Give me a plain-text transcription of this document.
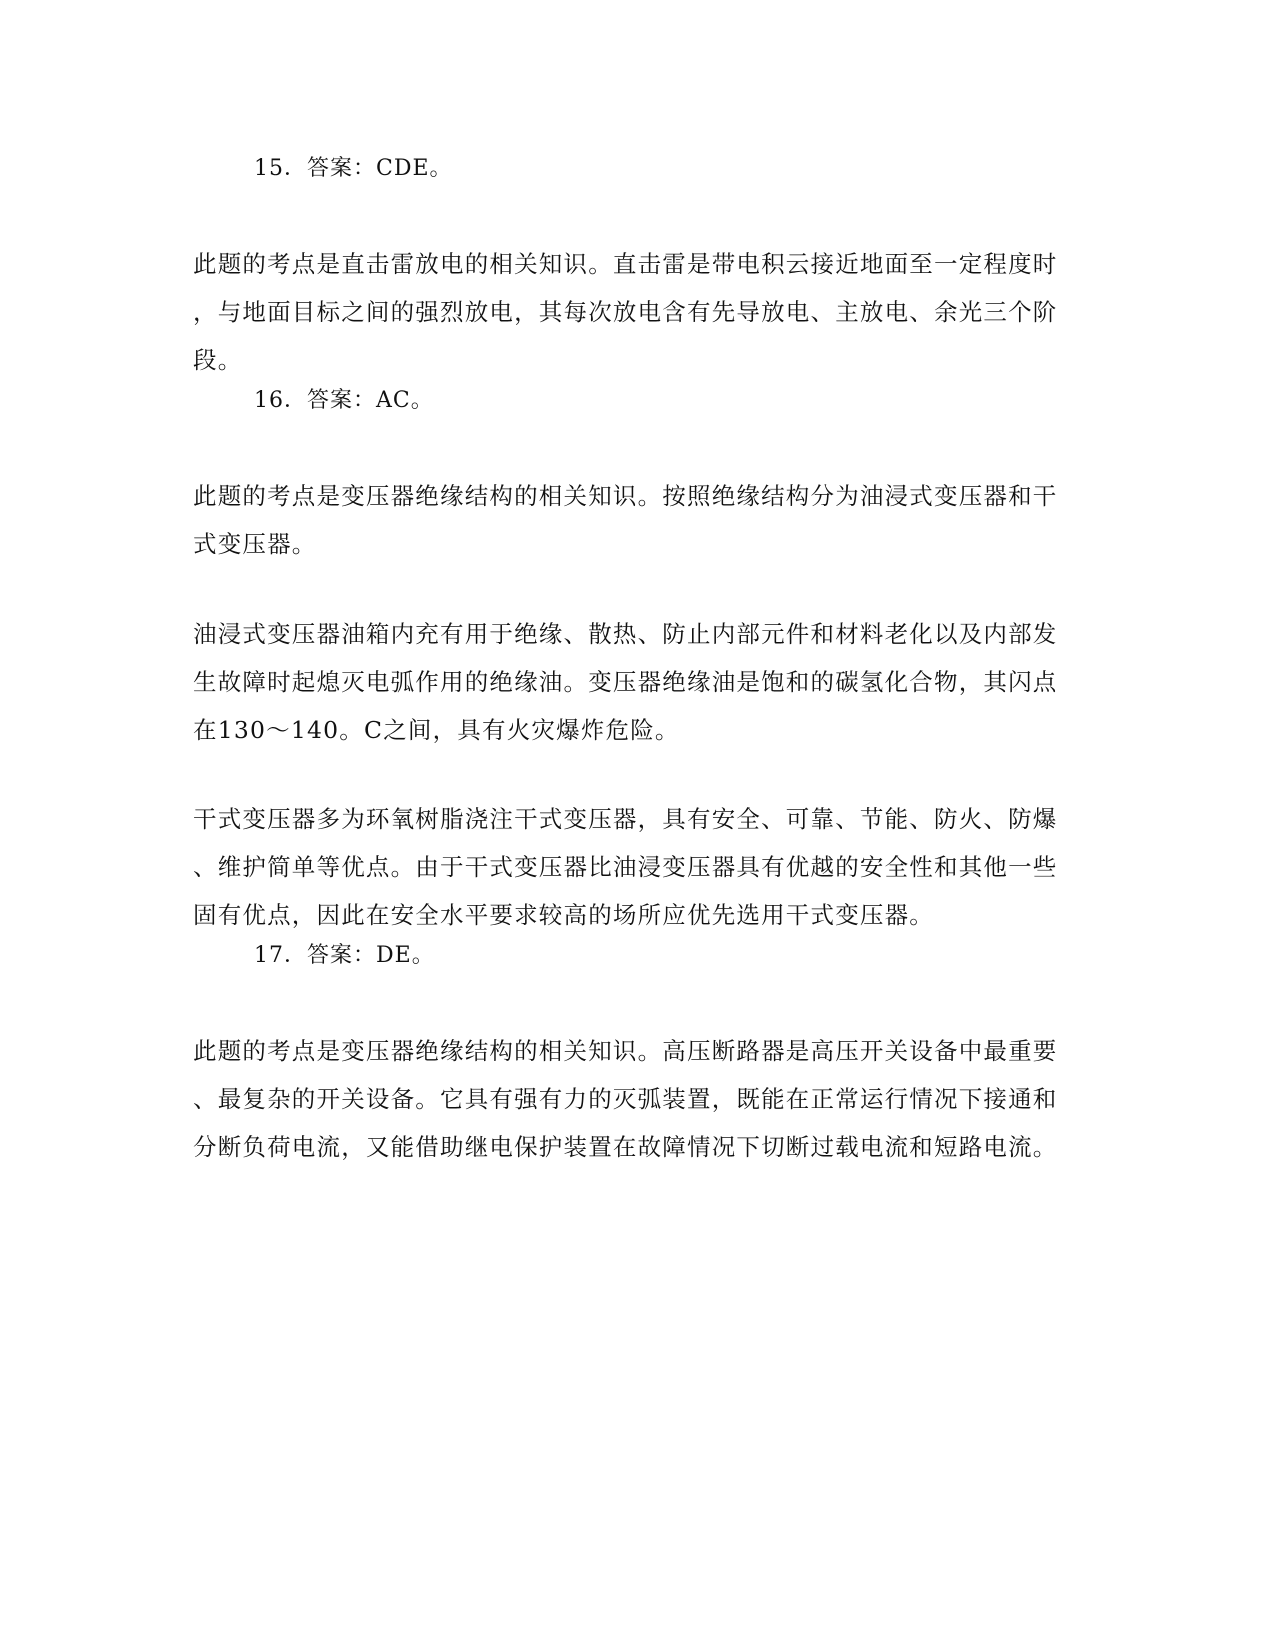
15．答案：CDE。
此题的考点是直击雷放电的相关知识。直击雷是带电积云接近地面至一定程度时
，与地面目标之间的强烈放电，其每次放电含有先导放电、主放电、余光三个阶
段。
16．答案：AC。
此题的考点是变压器绝缘结构的相关知识。按照绝缘结构分为油浸式变压器和干
式变压器。
油浸式变压器油箱内充有用于绝缘、散热、防止内部元件和材料老化以及内部发
生故障时起熄灭电弧作用的绝缘油。变压器绝缘油是饱和的碳氢化合物，其闪点
在130～140。C之间，具有火灾爆炸危险。
干式变压器多为环氧树脂浇注干式变压器，具有安全、可靠、节能、防火、防爆
、维护简单等优点。由于干式变压器比油浸变压器具有优越的安全性和其他一些
固有优点，因此在安全水平要求较高的场所应优先选用干式变压器。
17．答案：DE。
此题的考点是变压器绝缘结构的相关知识。高压断路器是高压开关设备中最重要
、最复杂的开关设备。它具有强有力的灭弧装置，既能在正常运行情况下接通和
分断负荷电流，又能借助继电保护装置在故障情况下切断过载电流和短路电流。
